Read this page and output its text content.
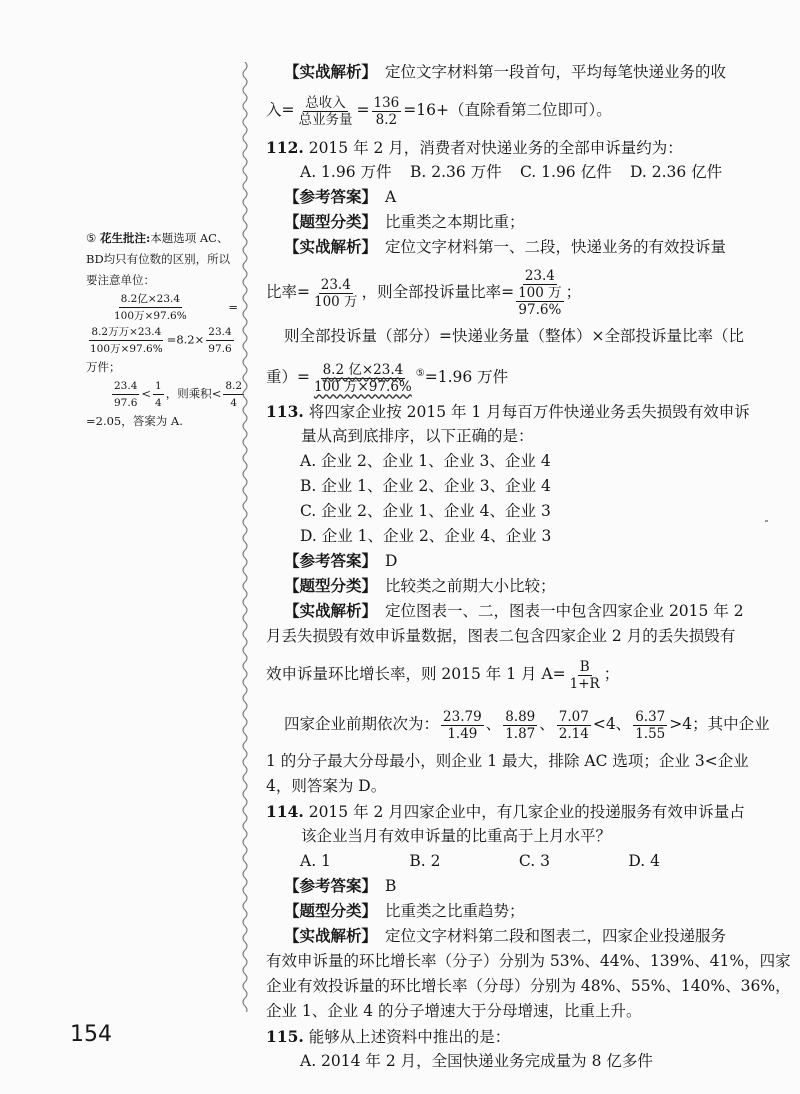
⑤ 花生批注:本题选项 AC、BD均只有位数的区别，所以要注意单位：
$\frac{\text{8.2亿×23.4}}{\text{100万×97.6\%}}$	=
$\frac{\text{8.2万万×23.4}}{\text{100万×97.6\%}} =8.2\times \frac{23.4}{97.6}$
万件；
$\frac{23.4}{97.6} < \frac{1}{4}$ ，则乘积< $\frac{8.2}{4}$
=2.05，答案为 A.
【实战解析】 定位文字材料第一段首句，平均每笔快递业务的收
入= $\frac{\text{总收入}}{\text{总业务量}} = \frac{136}{8.2} =16+$（直除看第二位即可）。
112. 2015 年 2 月，消费者对快递业务的全部申诉量约为：
A. 1.96 万件	B. 2.36 万件	C. 1.96 亿件	D. 2.36 亿件
【参考答案】 A
【题型分类】 比重类之本期比重；
【实战解析】 定位文字材料第一、二段，快递业务的有效投诉量
比率= $\frac{23.4}{\text{100 万}}$ ，则全部投诉量比率=
23.4
100 万
97.6%
；
则全部投诉量（部分）=快递业务量（整体）×全部投诉量比率（比
重）= $\frac{\text{8.2 亿×23.4}}{\text{100 万×97.6\%}} ^⑤=1.96$ 万件
113. 将四家企业按 2015 年 1 月每百万件快递业务丢失损毁有效申诉
量从高到底排序，以下正确的是：
A. 企业 2、企业 1、企业 3、企业 4
B. 企业 1、企业 2、企业 3、企业 4
C. 企业 2、企业 1、企业 4、企业 3
D. 企业 1、企业 2、企业 4、企业 3
【参考答案】 D
【题型分类】 比较类之前期大小比较；
【实战解析】 定位图表一、二，图表一中包含四家企业 2015 年 2
月丢失损毁有效申诉量数据，图表二包含四家企业 2 月的丢失损毁有
效申诉量环比增长率，则 2015 年 1 月 $A= \frac{B}{1+R}$ ；
四家企业前期依次为： $\frac{23.79}{1.49}$ 、 $\frac{8.89}{1.87}$ 、 $\frac{7.07}{2.14} <4$、 $\frac{6.37}{1.55} >4$；其中企业
1 的分子最大分母最小，则企业 1 最大，排除 AC 选项；企业 3<企业
4，则答案为 D。
114. 2015 年 2 月四家企业中，有几家企业的投递服务有效申诉量占
该企业当月有效申诉量的比重高于上月水平？
A. 1	B. 2	C. 3	D. 4
【参考答案】 B
【题型分类】 比重类之比重趋势；
【实战解析】 定位文字材料第二段和图表二，四家企业投递服务
有效申诉量的环比增长率（分子）分别为 53%、44%、139%、41%，四家
企业有效投诉量的环比增长率（分母）分别为 48%、55%、140%、36%，
企业 1、企业 4 的分子增速大于分母增速，比重上升。
115. 能够从上述资料中推出的是：
A. 2014 年 2 月，全国快递业务完成量为 8 亿多件
154
